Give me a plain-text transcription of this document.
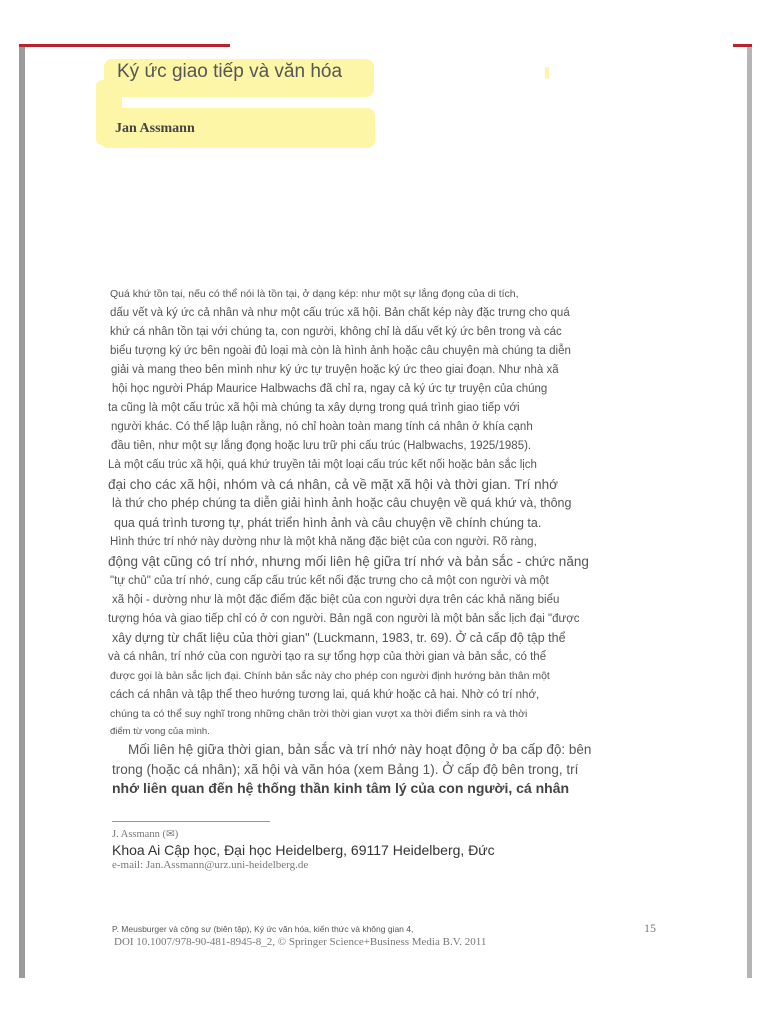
Ký ức giao tiếp và văn hóa
Jan Assmann
Quá khứ tồn tại, nếu có thể nói là tồn tại, ở dạng kép: như một sự lắng đọng của di tích,
dấu vết và ký ức cả nhân và như một cấu trúc xã hội. Bản chất kép này đặc trưng cho quá
khứ cá nhân tồn tại với chúng ta, con người, không chỉ là dấu vết ký ức bên trong và các
biểu tượng ký ức bên ngoài đủ loại mà còn là hình ảnh hoặc câu chuyện mà chúng ta diễn
giải và mang theo bên mình như ký ức tự truyện hoặc ký ức theo giai đoạn. Như nhà xã
hội học người Pháp Maurice Halbwachs đã chỉ ra, ngay cả ký ức tự truyện của chúng
ta cũng là một cấu trúc xã hội mà chúng ta xây dựng trong quá trình giao tiếp với
người khác. Có thể lập luận rằng, nó chỉ hoàn toàn mang tính cá nhân ở khía cạnh
đầu tiên, như một sự lắng đọng hoặc lưu trữ phi cấu trúc (Halbwachs, 1925/1985).
Là một cấu trúc xã hội, quá khứ truyền tải một loại cấu trúc kết nối hoặc bản sắc lịch
đại cho các xã hội, nhóm và cá nhân, cả về mặt xã hội và thời gian. Trí nhớ
là thứ cho phép chúng ta diễn giải hình ảnh hoặc câu chuyện về quá khứ và, thông
qua quá trình tương tự, phát triển hình ảnh và câu chuyện về chính chúng ta.
Hình thức trí nhớ này dường như là một khả năng đặc biệt của con người. Rõ ràng,
động vật cũng có trí nhớ, nhưng mối liên hệ giữa trí nhớ và bản sắc - chức năng
"tự chủ" của trí nhớ, cung cấp cấu trúc kết nối đặc trưng cho cả một con người và một
xã hội - dường như là một đặc điểm đặc biệt của con người dựa trên các khả năng biểu
tượng hóa và giao tiếp chỉ có ở con người. Bản ngã con người là một bản sắc lịch đại "được
xây dựng từ chất liệu của thời gian" (Luckmann, 1983, tr. 69). Ở cả cấp độ tập thể
và cá nhân, trí nhớ của con người tạo ra sự tổng hợp của thời gian và bản sắc, có thể
được gọi là bản sắc lịch đại. Chính bản sắc này cho phép con người định hướng bản thân một
cách cá nhân và tập thể theo hướng tương lai, quá khứ hoặc cả hai. Nhờ có trí nhớ,
chúng ta có thể suy nghĩ trong những chân trời thời gian vượt xa thời điểm sinh ra và thời
điểm từ vong của mình.
Mối liên hệ giữa thời gian, bản sắc và trí nhớ này hoạt động ở ba cấp độ: bên
trong (hoặc cá nhân); xã hội và văn hóa (xem Bảng 1). Ở cấp độ bên trong, trí
nhớ liên quan đến hệ thống thần kinh tâm lý của con người, cá nhân
J. Assmann (✉)
Khoa Ai Cập học, Đại học Heidelberg, 69117 Heidelberg, Đức
e-mail: Jan.Assmann@urz.uni-heidelberg.de
P. Meusburger và cộng sự (biên tập), Ký ức văn hóa, kiến thức và không gian 4,
DOI 10.1007/978-90-481-8945-8_2, © Springer Science+Business Media B.V. 2011
15
